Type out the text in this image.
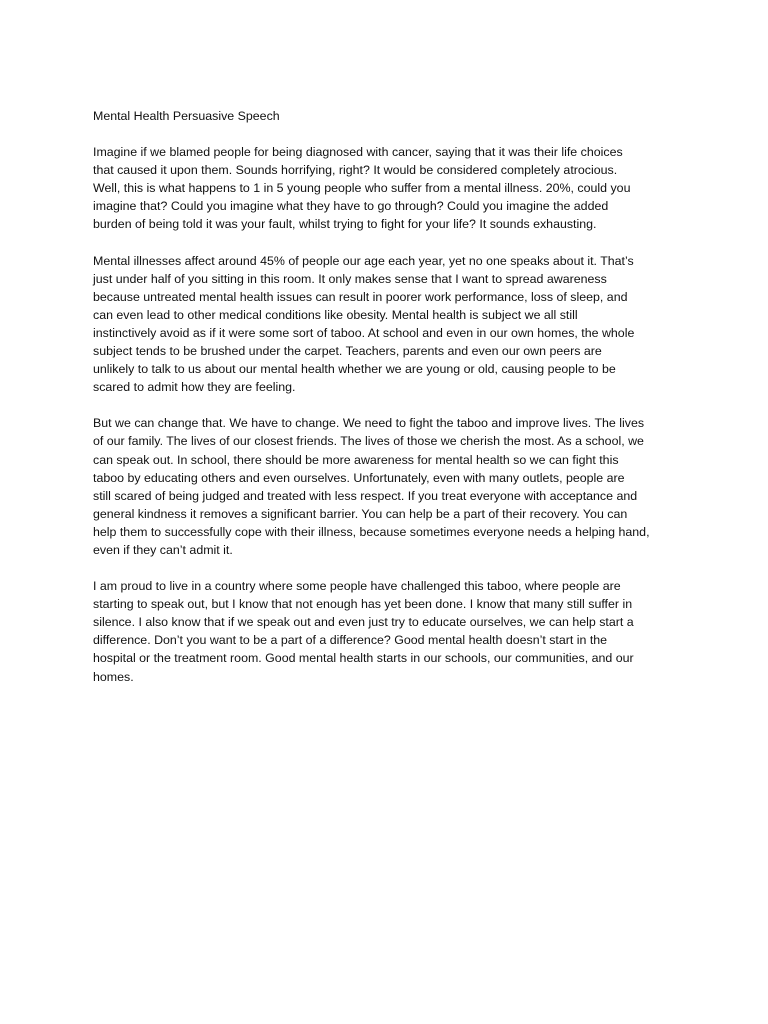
Mental Health Persuasive Speech
Imagine if we blamed people for being diagnosed with cancer, saying that it was their life choices
that caused it upon them. Sounds horrifying, right? It would be considered completely atrocious.
Well, this is what happens to 1 in 5 young people who suffer from a mental illness. 20%, could you
imagine that? Could you imagine what they have to go through? Could you imagine the added
burden of being told it was your fault, whilst trying to fight for your life? It sounds exhausting.
Mental illnesses affect around 45% of people our age each year, yet no one speaks about it. That’s
just under half of you sitting in this room. It only makes sense that I want to spread awareness
because untreated mental health issues can result in poorer work performance, loss of sleep, and
can even lead to other medical conditions like obesity. Mental health is subject we all still
instinctively avoid as if it were some sort of taboo. At school and even in our own homes, the whole
subject tends to be brushed under the carpet. Teachers, parents and even our own peers are
unlikely to talk to us about our mental health whether we are young or old, causing people to be
scared to admit how they are feeling.
But we can change that. We have to change. We need to fight the taboo and improve lives. The lives
of our family. The lives of our closest friends. The lives of those we cherish the most. As a school, we
can speak out. In school, there should be more awareness for mental health so we can fight this
taboo by educating others and even ourselves. Unfortunately, even with many outlets, people are
still scared of being judged and treated with less respect. If you treat everyone with acceptance and
general kindness it removes a significant barrier. You can help be a part of their recovery. You can
help them to successfully cope with their illness, because sometimes everyone needs a helping hand,
even if they can’t admit it.
I am proud to live in a country where some people have challenged this taboo, where people are
starting to speak out, but I know that not enough has yet been done. I know that many still suffer in
silence. I also know that if we speak out and even just try to educate ourselves, we can help start a
difference. Don’t you want to be a part of a difference? Good mental health doesn’t start in the
hospital or the treatment room. Good mental health starts in our schools, our communities, and our
homes.
